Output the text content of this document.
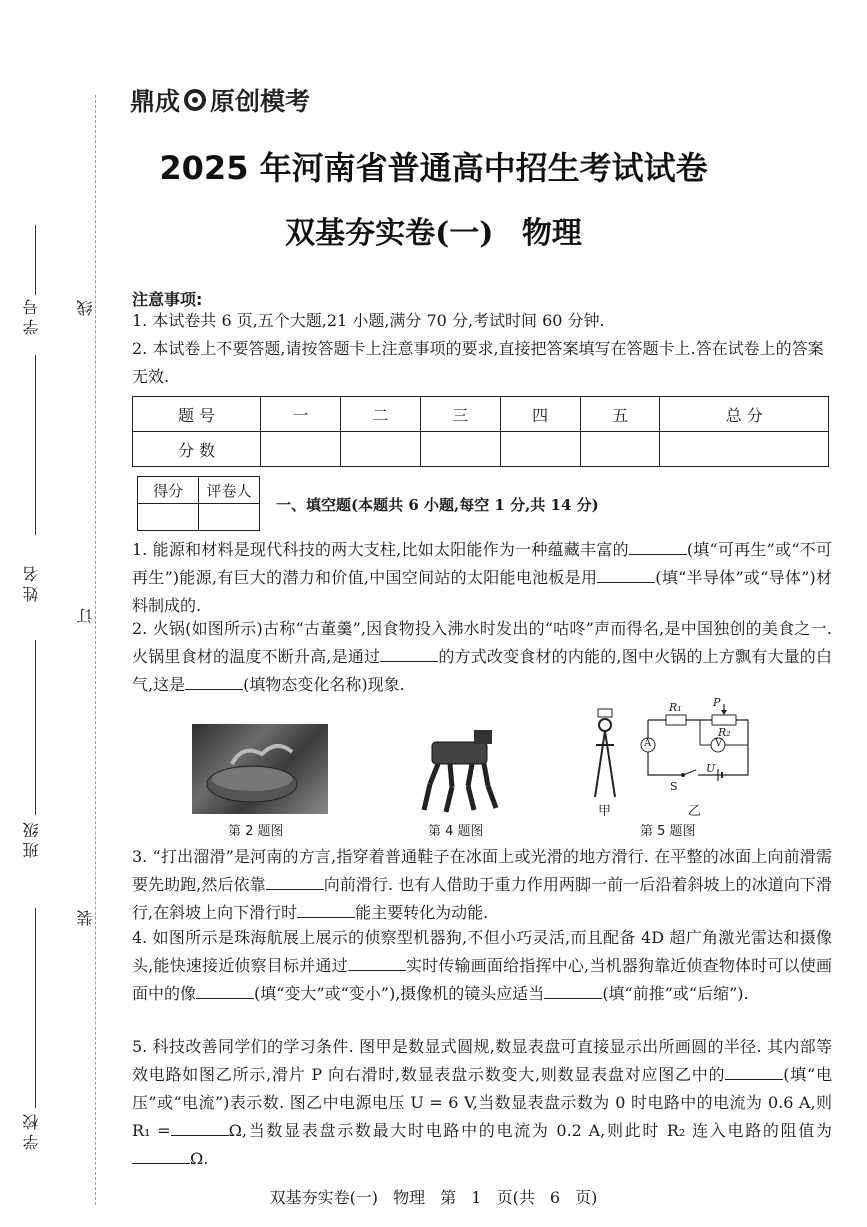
学号
姓名
班级
学校
线
订
装
鼎成 原创模考
2025 年河南省普通高中招生考试试卷
双基夯实卷(一) 物理
注意事项:
1. 本试卷共 6 页,五个大题,21 小题,满分 70 分,考试时间 60 分钟.
2. 本试卷上不要答题,请按答题卡上注意事项的要求,直接把答案填写在答题卡上.答在试卷上的答案无效.
题 号	一	二	三	四	五	总 分
分 数						
得分	评卷人

一、填空题(本题共 6 小题,每空 1 分,共 14 分)
1. 能源和材料是现代科技的两大支柱,比如太阳能作为一种蕴藏丰富的	(填“可再生”或“不可再生”)能源,有巨大的潜力和价值,中国空间站的太阳能电池板是用	(填“半导体”或“导体”)材料制成的.
2. 火锅(如图所示)古称“古董羹”,因食物投入沸水时发出的“咕咚”声而得名,是中国独创的美食之一. 火锅里食材的温度不断升高,是通过	的方式改变食材的内能的,图中火锅的上方飘有大量的白气,这是	(填物态变化名称)现象.
第 2 题图	第 4 题图
甲
A	V
R₁
R₂
P
S
U
乙
第 5 题图
3. “打出溜滑”是河南的方言,指穿着普通鞋子在冰面上或光滑的地方滑行. 在平整的冰面上向前滑需要先助跑,然后依靠	向前滑行. 也有人借助于重力作用两脚一前一后沿着斜坡上的冰道向下滑行,在斜坡上向下滑行时	能主要转化为动能.
4. 如图所示是珠海航展上展示的侦察型机器狗,不但小巧灵活,而且配备 4D 超广角激光雷达和摄像头,能快速接近侦察目标并通过	实时传输画面给指挥中心,当机器狗靠近侦查物体时可以使画面中的像	(填“变大”或“变小”),摄像机的镜头应适当	(填“前推”或“后缩”).
5. 科技改善同学们的学习条件. 图甲是数显式圆规,数显表盘可直接显示出所画圆的半径. 其内部等效电路如图乙所示,滑片 P 向右滑时,数显表盘示数变大,则数显表盘对应图乙中的	(填“电压”或“电流”)表示数. 图乙中电源电压 U = 6 V,当数显表盘示数为 0 时电路中的电流为 0.6 A,则 R₁ =	Ω,当数显表盘示数最大时电路中的电流为 0.2 A,则此时 R₂ 连入电路的阻值为Ω.
双基夯实卷(一) 物理 第 1 页(共 6 页)
